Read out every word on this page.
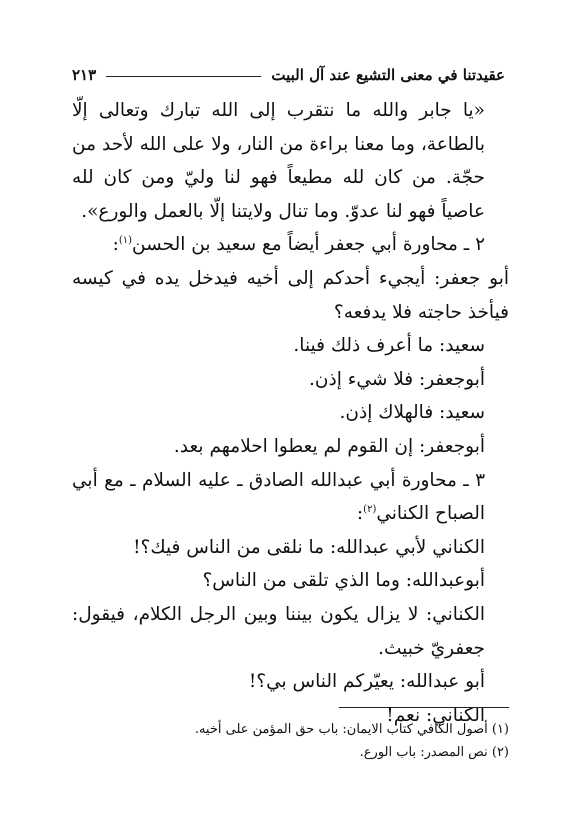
عقيدتنا في معنى التشيع عند آل البيت
٢١٣

«يا جابر والله ما نتقرب إلى الله تبارك وتعالى إلّا بالطاعة، وما معنا براءة من النار، ولا على الله لأحد من حجّة. من كان لله مطيعاً فهو لنا وليّ ومن كان لله عاصياً فهو لنا عدوّ. وما تنال ولايتنا إلّا بالعمل والورع».

٢ ـ محاورة أبي جعفر أيضاً مع سعيد بن الحسن$^{(١)}$:

أبو جعفر: أيجيء أحدكم إلى أخيه فيدخل يده في كيسه فيأخذ حاجته فلا يدفعه؟

سعيد: ما أعرف ذلك فينا.

أبوجعفر: فلا شيء إذن.

سعيد: فالهلاك إذن.

أبوجعفر: إن القوم لم يعطوا احلامهم بعد.

٣ ـ محاورة أبي عبدالله الصادق ـ عليه السلام ـ مع أبي الصباح الكناني$^{(٢)}$:

الكناني لأبي عبدالله: ما نلقى من الناس فيك؟!

أبوعبدالله: وما الذي تلقى من الناس؟

الكناني: لا يزال يكون بيننا وبين الرجل الكلام، فيقول: جعفريّ خبيث.

أبو عبدالله: يعيّركم الناس بي؟!

الكناني: نعم!

(١) أصول الكافي كتاب الايمان: باب حق المؤمن على أخيه.

(٢) نص المصدر: باب الورع.
